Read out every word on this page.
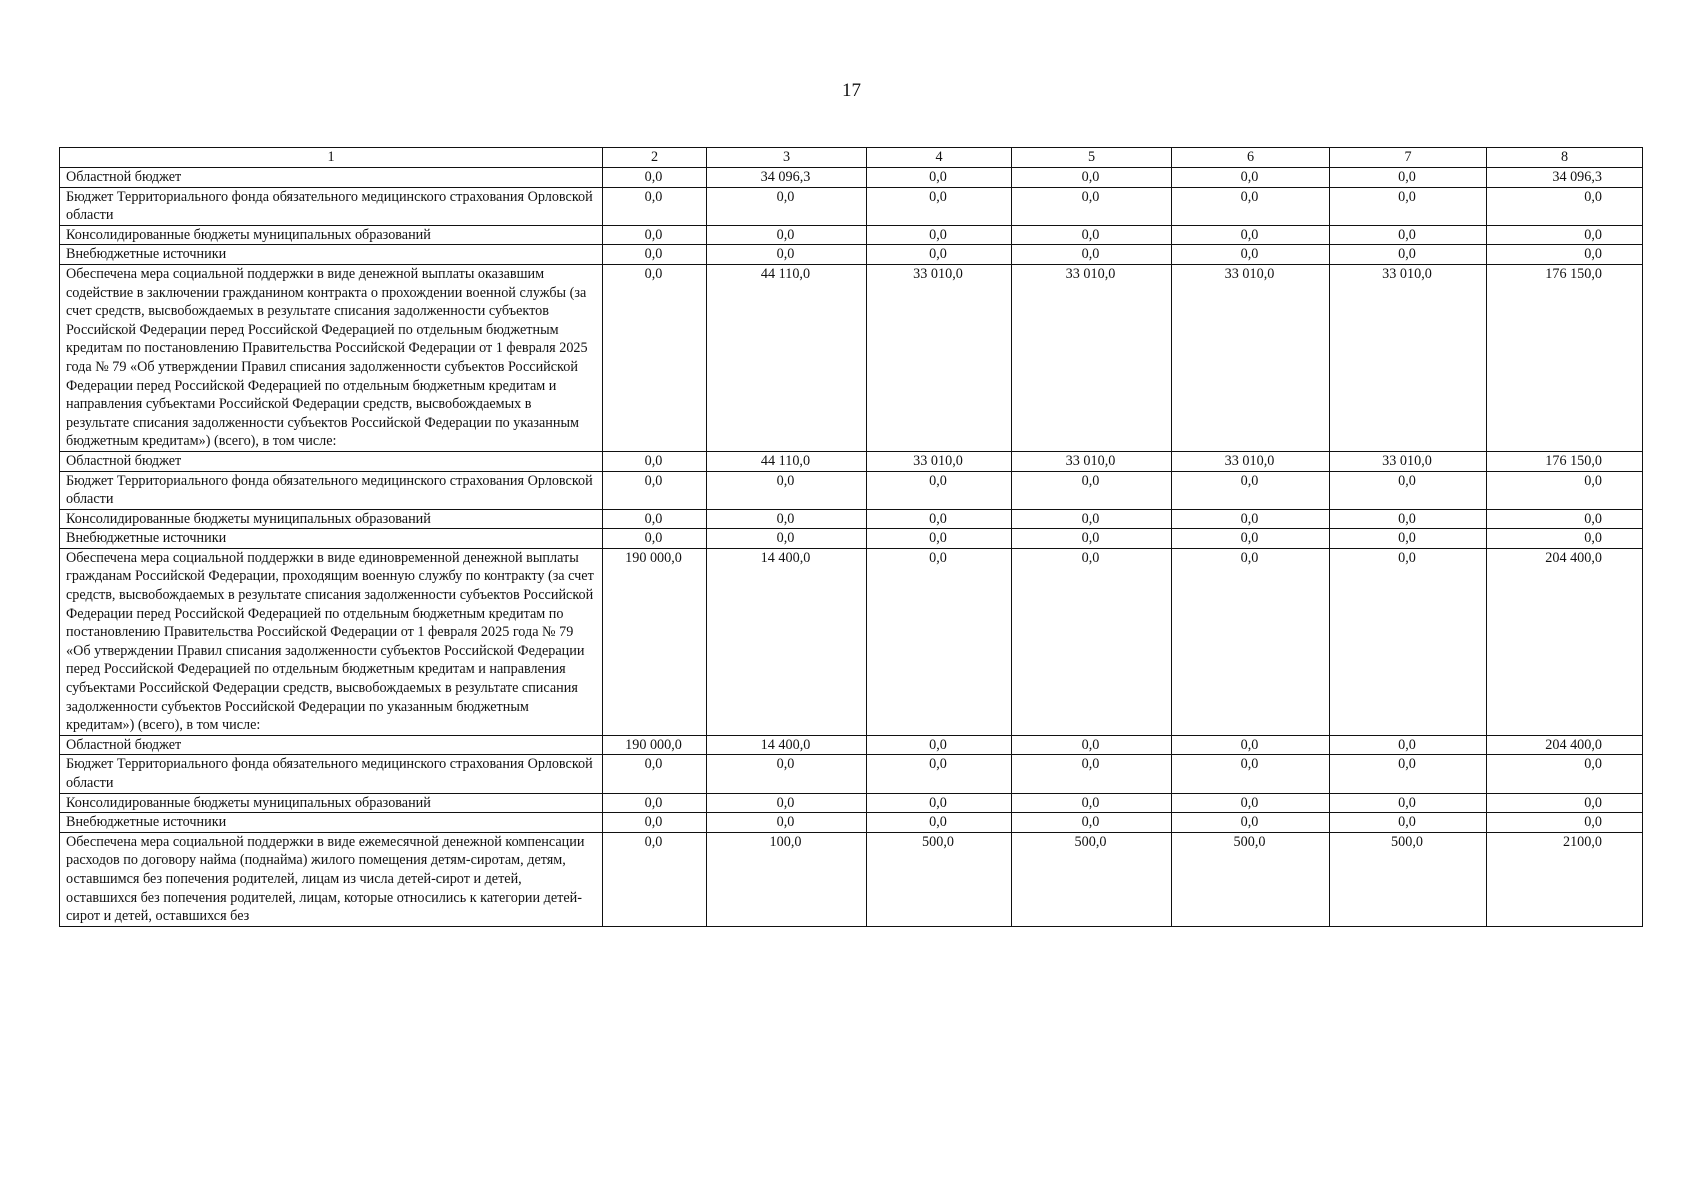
17
1	2	3	4	5	6	7	8
Областной бюджет	0,0	34 096,3	0,0	0,0	0,0	0,0	34 096,3
Бюджет Территориального фонда обязательного медицинского страхования Орловской области	0,0	0,0	0,0	0,0	0,0	0,0	0,0
Консолидированные бюджеты муниципальных образований	0,0	0,0	0,0	0,0	0,0	0,0	0,0
Внебюджетные источники	0,0	0,0	0,0	0,0	0,0	0,0	0,0
Обеспечена мера социальной поддержки в виде денежной выплаты оказавшим содействие в заключении гражданином контракта о прохождении военной службы (за счет средств, высвобождаемых в результате списания задолженности субъектов Российской Федерации перед Российской Федерацией по отдельным бюджетным кредитам по постановлению Правительства Российской Федерации от 1 февраля 2025 года № 79 «Об утверждении Правил списания задолженности субъектов Российской Федерации перед Российской Федерацией по отдельным бюджетным кредитам и направления субъектами Российской Федерации средств, высвобождаемых в результате списания задолженности субъектов Российской Федерации по указанным бюджетным кредитам») (всего), в том числе:	0,0	44 110,0	33 010,0	33 010,0	33 010,0	33 010,0	176 150,0
Областной бюджет	0,0	44 110,0	33 010,0	33 010,0	33 010,0	33 010,0	176 150,0
Бюджет Территориального фонда обязательного медицинского страхования Орловской области	0,0	0,0	0,0	0,0	0,0	0,0	0,0
Консолидированные бюджеты муниципальных образований	0,0	0,0	0,0	0,0	0,0	0,0	0,0
Внебюджетные источники	0,0	0,0	0,0	0,0	0,0	0,0	0,0
Обеспечена мера социальной поддержки в виде единовременной денежной выплаты гражданам Российской Федерации, проходящим военную службу по контракту (за счет средств, высвобождаемых в результате списания задолженности субъектов Российской Федерации перед Российской Федерацией по отдельным бюджетным кредитам по постановлению Правительства Российской Федерации от 1 февраля 2025 года № 79 «Об утверждении Правил списания задолженности субъектов Российской Федерации перед Российской Федерацией по отдельным бюджетным кредитам и направления субъектами Российской Федерации средств, высвобождаемых в результате списания задолженности субъектов Российской Федерации по указанным бюджетным кредитам») (всего), в том числе:	190 000,0	14 400,0	0,0	0,0	0,0	0,0	204 400,0
Областной бюджет	190 000,0	14 400,0	0,0	0,0	0,0	0,0	204 400,0
Бюджет Территориального фонда обязательного медицинского страхования Орловской области	0,0	0,0	0,0	0,0	0,0	0,0	0,0
Консолидированные бюджеты муниципальных образований	0,0	0,0	0,0	0,0	0,0	0,0	0,0
Внебюджетные источники	0,0	0,0	0,0	0,0	0,0	0,0	0,0
Обеспечена мера социальной поддержки в виде ежемесячной денежной компенсации расходов по договору найма (поднайма) жилого помещения детям-сиротам, детям, оставшимся без попечения родителей, лицам из числа детей-сирот и детей, оставшихся без попечения родителей, лицам, которые относились к категории детей-сирот и детей, оставшихся без	0,0	100,0	500,0	500,0	500,0	500,0	2100,0
